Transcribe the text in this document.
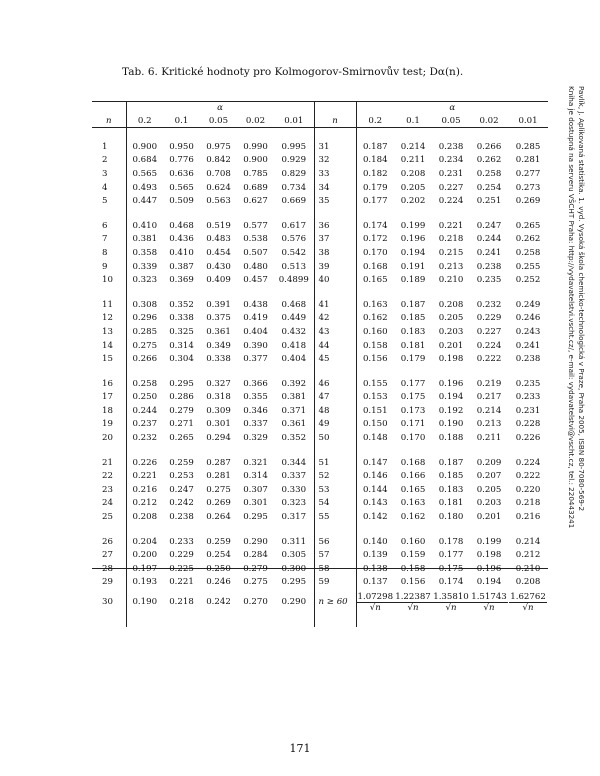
Tab. 6. Kritické hodnoty pro Kolmogorov-Smirnovův test; Dα(n).
	α						α				
n	0.2	0.1	0.05	0.02	0.01	n	0.2	0.1	0.05	0.02	0.01

1	0.900	0.950	0.975	0.990	0.995	31	0.187	0.214	0.238	0.266	0.285
2	0.684	0.776	0.842	0.900	0.929	32	0.184	0.211	0.234	0.262	0.281
3	0.565	0.636	0.708	0.785	0.829	33	0.182	0.208	0.231	0.258	0.277
4	0.493	0.565	0.624	0.689	0.734	34	0.179	0.205	0.227	0.254	0.273
5	0.447	0.509	0.563	0.627	0.669	35	0.177	0.202	0.224	0.251	0.269

6	0.410	0.468	0.519	0.577	0.617	36	0.174	0.199	0.221	0.247	0.265
7	0.381	0.436	0.483	0.538	0.576	37	0.172	0.196	0.218	0.244	0.262
8	0.358	0.410	0.454	0.507	0.542	38	0.170	0.194	0.215	0.241	0.258
9	0.339	0.387	0.430	0.480	0.513	39	0.168	0.191	0.213	0.238	0.255
10	0.323	0.369	0.409	0.457	0.4899	40	0.165	0.189	0.210	0.235	0.252

11	0.308	0.352	0.391	0.438	0.468	41	0.163	0.187	0.208	0.232	0.249
12	0.296	0.338	0.375	0.419	0.449	42	0.162	0.185	0.205	0.229	0.246
13	0.285	0.325	0.361	0.404	0.432	43	0.160	0.183	0.203	0.227	0.243
14	0.275	0.314	0.349	0.390	0.418	44	0.158	0.181	0.201	0.224	0.241
15	0.266	0.304	0.338	0.377	0.404	45	0.156	0.179	0.198	0.222	0.238

16	0.258	0.295	0.327	0.366	0.392	46	0.155	0.177	0.196	0.219	0.235
17	0.250	0.286	0.318	0.355	0.381	47	0.153	0.175	0.194	0.217	0.233
18	0.244	0.279	0.309	0.346	0.371	48	0.151	0.173	0.192	0.214	0.231
19	0.237	0.271	0.301	0.337	0.361	49	0.150	0.171	0.190	0.213	0.228
20	0.232	0.265	0.294	0.329	0.352	50	0.148	0.170	0.188	0.211	0.226

21	0.226	0.259	0.287	0.321	0.344	51	0.147	0.168	0.187	0.209	0.224
22	0.221	0.253	0.281	0.314	0.337	52	0.146	0.166	0.185	0.207	0.222
23	0.216	0.247	0.275	0.307	0.330	53	0.144	0.165	0.183	0.205	0.220
24	0.212	0.242	0.269	0.301	0.323	54	0.143	0.163	0.181	0.203	0.218
25	0.208	0.238	0.264	0.295	0.317	55	0.142	0.162	0.180	0.201	0.216

26	0.204	0.233	0.259	0.290	0.311	56	0.140	0.160	0.178	0.199	0.214
27	0.200	0.229	0.254	0.284	0.305	57	0.139	0.159	0.177	0.198	0.212
28	0.197	0.225	0.250	0.279	0.300	58	0.138	0.158	0.175	0.196	0.210
29	0.193	0.221	0.246	0.275	0.295	59	0.137	0.156	0.174	0.194	0.208
30	0.190	0.218	0.242	0.270	0.290	n ≥ 60	$\frac{1.07298}{√n}$	$\frac{1.22387}{√n}$	$\frac{1.35810}{√n}$	$\frac{1.51743}{√n}$	$\frac{1.62762}{√n}$

Pavlík, J. Aplikovaná statistika. 1. vyd. Vysoká škola chemicko-technologická v Praze, Praha 2005, ISBN 80-7080-569-2
Kniha je dostupná na serveru VŠCHT Praha: http://vydavatelstvi.vscht.cz/, e-mail: vydavatelstvi@vscht.cz, tel.: 220443241
171
